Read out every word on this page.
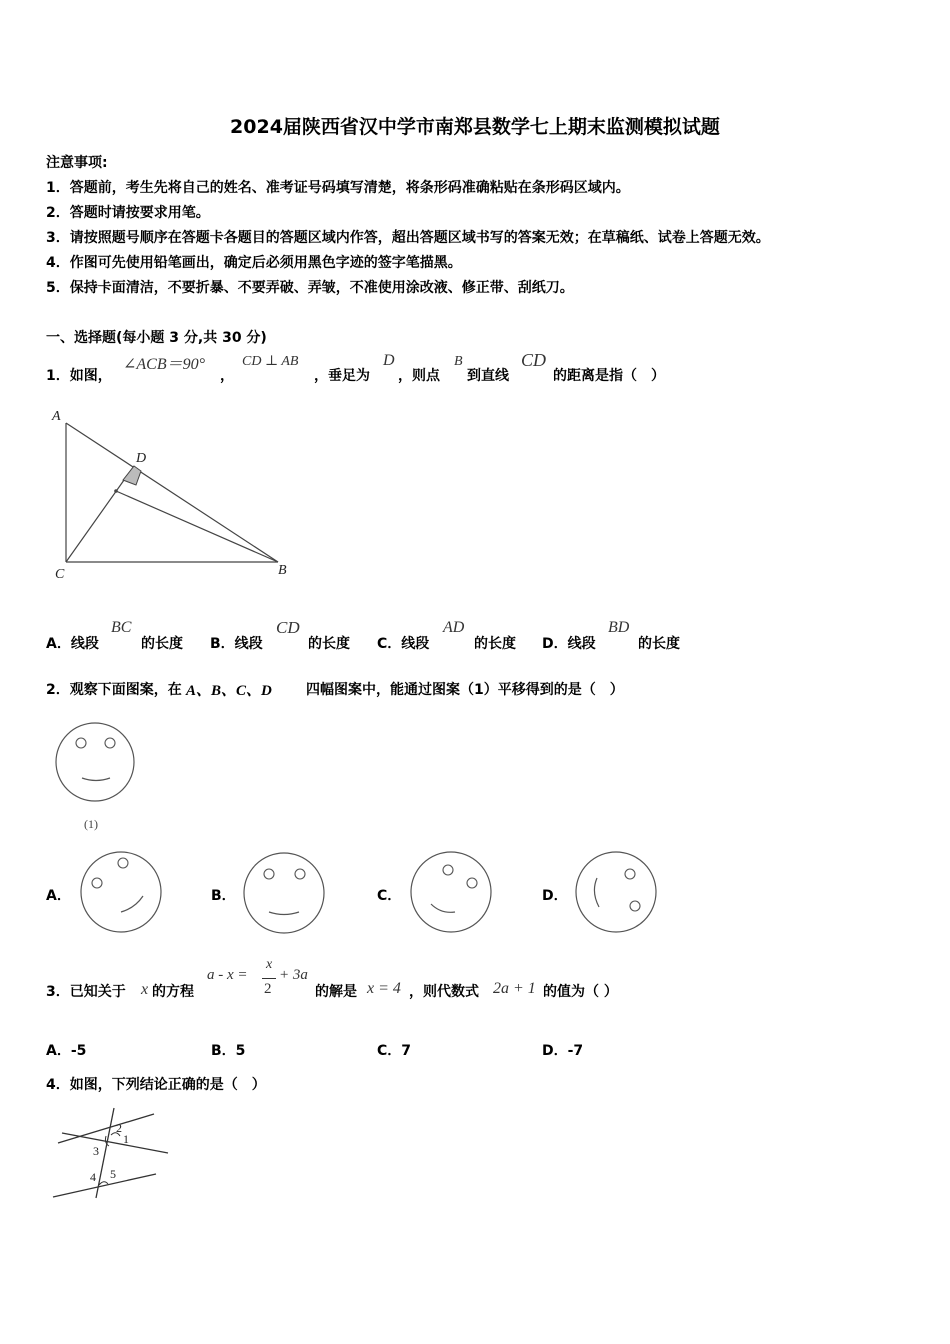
2024届陕西省汉中学市南郑县数学七上期末监测模拟试题
注意事项:
1．答题前，考生先将自己的姓名、准考证号码填写清楚，将条形码准确粘贴在条形码区域内。
2．答题时请按要求用笔。
3．请按照题号顺序在答题卡各题目的答题区域内作答，超出答题区域书写的答案无效；在草稿纸、试卷上答题无效。
4．作图可先使用铅笔画出，确定后必须用黑色字迹的签字笔描黑。
5．保持卡面清洁，不要折暴、不要弄破、弄皱，不准使用涂改液、修正带、刮纸刀。
一、选择题(每小题 3 分,共 30 分)
1．如图，
∠ACB＝90°
，
CD ⊥ AB
，垂足为
D
，则点
B
到直线
CD
的距离是指（　）
A
D
C	B
A．线段
BC
的长度 B．线段
CD
的长度 C．线段
AD
的长度 D．线段
BD
的长度
2．观察下面图案，在 A、B、C、D 四幅图案中，能通过图案（1）平移得到的是（　）
(1)
A．	B．	C．	D．
3．已知关于 x 的方程
a - x =
x
2
+ 3a
的解是 x = 4 ，则代数式 2a + 1 的值为（ ）
A．-5	B．5	C．7	D．-7
4．如图，下列结论正确的是（　）
2
1
3
4 5
